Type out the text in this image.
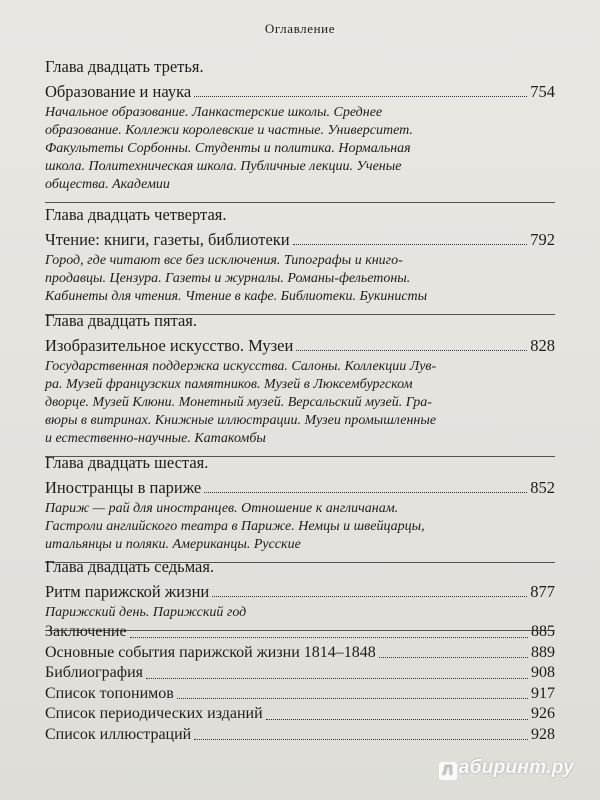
Оглавление
Глава двадцать третья.
Образование и наука	754
Начальное образование. Ланкастерские школы. Среднее
образование. Коллежи королевские и частные. Университет.
Факультеты Сорбонны. Студенты и политика. Нормальная
школа. Политехническая школа. Публичные лекции. Ученые
общества. Академии
Глава двадцать четвертая.
Чтение: книги, газеты, библиотеки	792
Город, где читают все без исключения. Типографы и книго-
продавцы. Цензура. Газеты и журналы. Романы-фельетоны.
Кабинеты для чтения. Чтение в кафе. Библиотеки. Букинисты
Глава двадцать пятая.
Изобразительное искусство. Музеи	828
Государственная поддержка искусства. Салоны. Коллекции Лув-
ра. Музей французских памятников. Музей в Люксембургском
дворце. Музей Клюни. Монетный музей. Версальский музей. Гра-
вюры в витринах. Книжные иллюстрации. Музеи промышленные
и естественно-научные. Катакомбы
Глава двадцать шестая.
Иностранцы в париже	852
Париж — рай для иностранцев. Отношение к англичанам.
Гастроли английского театра в Париже. Немцы и швейцарцы,
итальянцы и поляки. Американцы. Русские
Глава двадцать седьмая.
Ритм парижской жизни	877
Парижский день. Парижский год
Заключение	885
Основные события парижской жизни 1814–1848	889
Библиография	908
Список топонимов	917
Список периодических изданий	926
Список иллюстраций	928
Л абиринт.ру
